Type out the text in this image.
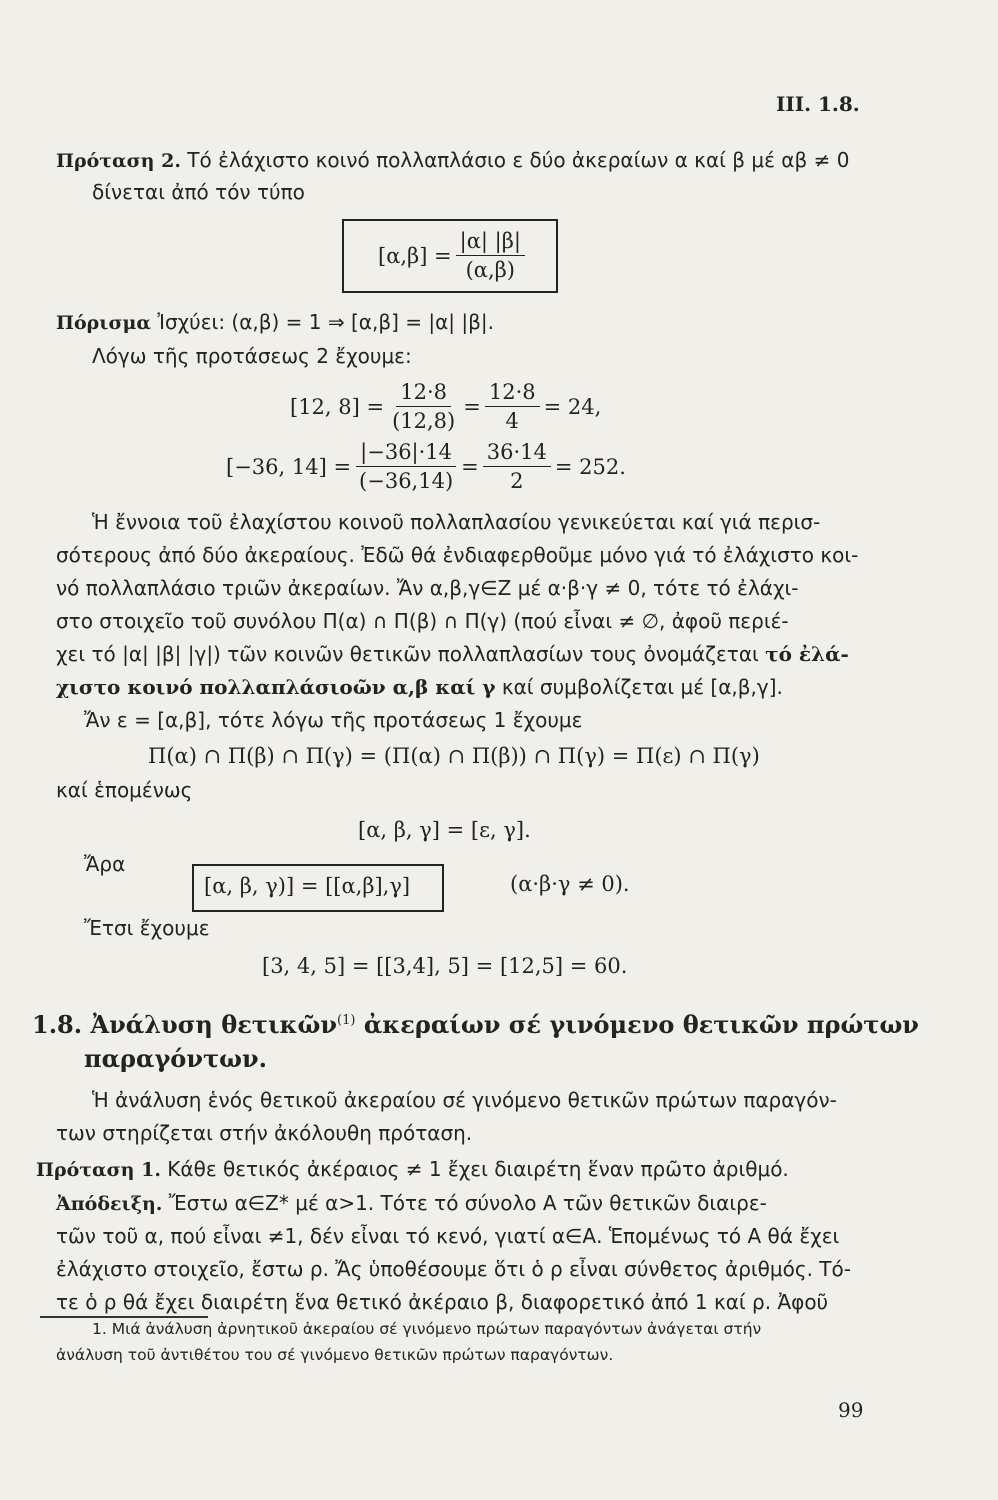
III. 1.8.
Πρόταση 2. Τό ἐλάχιστο κοινό πολλαπλάσιο ε δύο ἀκεραίων α καί β μέ αβ ≠ 0
δίνεται ἀπό τόν τύπο
$[\alpha,\beta] = \frac{|\alpha| |\beta|}{(\alpha,\beta)}$
Πόρισμα Ἰσχύει: (α,β) = 1 ⇒ [α,β] = |α| |β|.
Λόγω τῆς προτάσεως 2 ἔχουμε:
[12, $8] = \frac{12\cdot 8}{(12,8)} = \frac{12\cdot 8}{4} = 24$,
[−36, $14] = \frac{|-36|\cdot 14}{(-36,14)} = \frac{36\cdot 14}{2} = 252$.
Ἡ ἔννοια τοῦ ἐλαχίστου κοινοῦ πολλαπλασίου γενικεύεται καί γιά περισ-
σότερους ἀπό δύο ἀκεραίους. Ἐδῶ θά ἐνδιαφερθοῦμε μόνο γιά τό ἐλάχιστο κοι-
νό πολλαπλάσιο τριῶν ἀκεραίων. Ἄν α,β,γ∈Z μέ α·β·γ ≠ 0, τότε τό ἐλάχι-
στο στοιχεῖο τοῦ συνόλου Π(α) ∩ Π(β) ∩ Π(γ) (πού εἶναι ≠ ∅, ἀφοῦ περιέ-
χει τό |α| |β| |γ|) τῶν κοινῶν θετικῶν πολλαπλασίων τους ὀνομάζεται τό ἐλά-
χιστο κοινό πολλαπλάσιοῶν α,β καί γ καί συμβολίζεται μέ [α,β,γ].
Ἄν ε = [α,β], τότε λόγω τῆς προτάσεως 1 ἔχουμε
Π(α) ∩ Π(β) ∩ Π(γ) = (Π(α) ∩ Π(β)) ∩ Π(γ) = Π(ε) ∩ Π(γ)
καί ἑπομένως
[α, β, γ] = [ε, γ].
Ἄρα
[α, β, γ)] = [[α,β],γ]	(α·β·γ ≠ 0).
Ἔτσι ἔχουμε
[3, 4, 5] = [[3,4], 5] = [12,5] = 60.
1.8. Ἀνάλυση θετικῶν$^{(1)}$ ἀκεραίων σέ γινόμενο θετικῶν πρώτων
παραγόντων.
Ἡ ἀνάλυση ἑνός θετικοῦ ἀκεραίου σέ γινόμενο θετικῶν πρώτων παραγόν-
των στηρίζεται στήν ἀκόλουθη πρόταση.
Πρόταση 1. Κάθε θετικός ἀκέραιος ≠ 1 ἔχει διαιρέτη ἕναν πρῶτο ἀριθμό.
Ἀπόδειξη. Ἔστω α∈Z* μέ α>1. Τότε τό σύνολο Α τῶν θετικῶν διαιρε-
τῶν τοῦ α, πού εἶναι ≠1, δέν εἶναι τό κενό, γιατί α∈Α. Ἑπομένως τό Α θά ἔχει
ἐλάχιστο στοιχεῖο, ἔστω ρ. Ἄς ὑποθέσουμε ὅτι ὁ ρ εἶναι σύνθετος ἀριθμός. Τό-
τε ὁ ρ θά ἔχει διαιρέτη ἕνα θετικό ἀκέραιο β, διαφορετικό ἀπό 1 καί ρ. Ἀφοῦ
1. Μιά ἀνάλυση ἀρνητικοῦ ἀκεραίου σέ γινόμενο πρώτων παραγόντων ἀνάγεται στήν
ἀνάλυση τοῦ ἀντιθέτου του σέ γινόμενο θετικῶν πρώτων παραγόντων.
99
